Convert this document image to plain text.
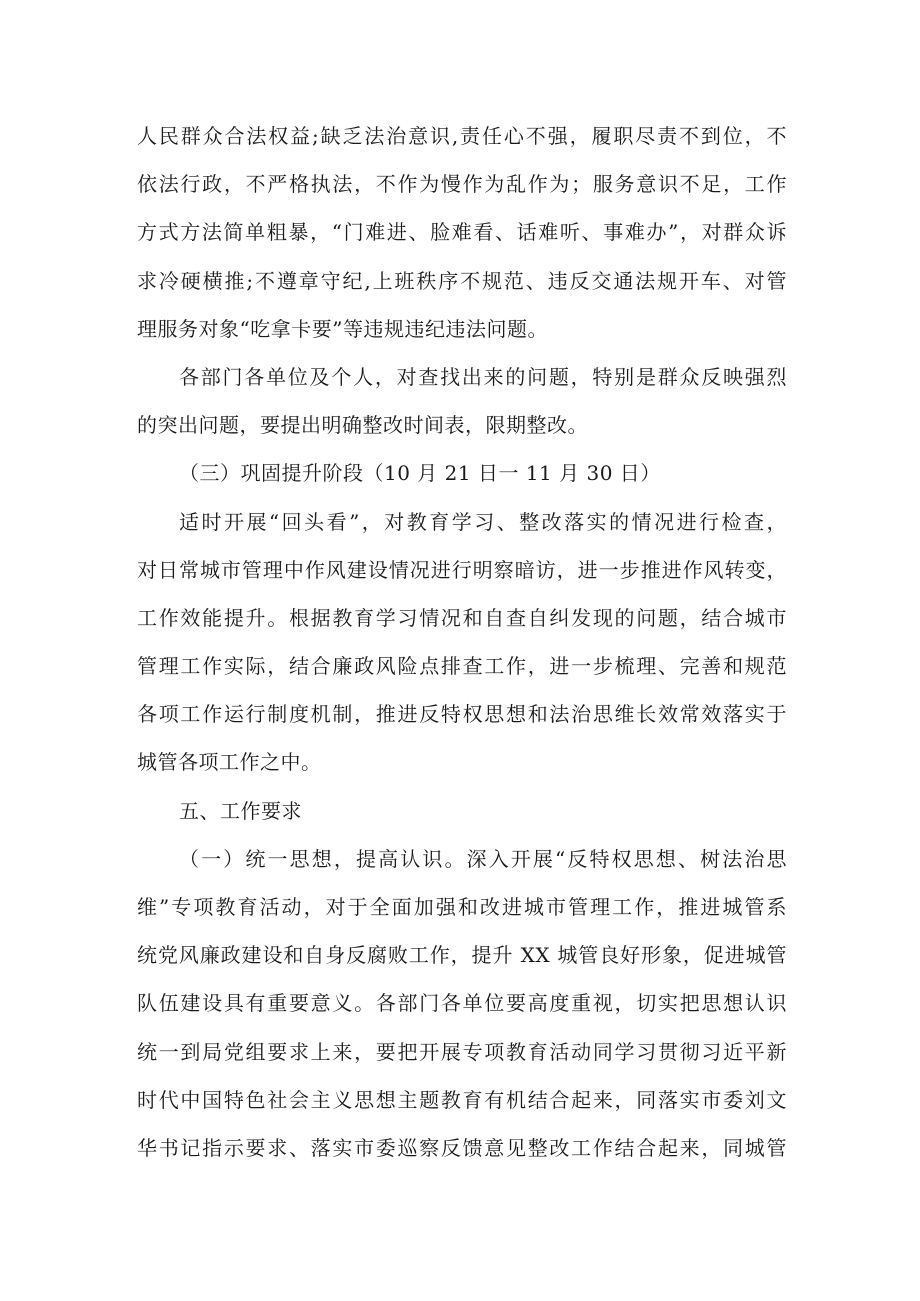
人民群众合法权益;缺乏法治意识,责任心不强，履职尽责不到位，不
依法行政，不严格执法，不作为慢作为乱作为；服务意识不足，工作
方式方法简单粗暴，“门难进、脸难看、话难听、事难办”，对群众诉
求冷硬横推;不遵章守纪,上班秩序不规范、违反交通法规开车、对管
理服务对象“吃拿卡要”等违规违纪违法问题。
各部门各单位及个人，对查找出来的问题，特别是群众反映强烈
的突出问题，要提出明确整改时间表，限期整改。
（三）巩固提升阶段（10 月 21 日一 11 月 30 日）
适时开展“回头看”，对教育学习、整改落实的情况进行检查，
对日常城市管理中作风建设情况进行明察暗访，进一步推进作风转变，
工作效能提升。根据教育学习情况和自查自纠发现的问题，结合城市
管理工作实际，结合廉政风险点排查工作，进一步梳理、完善和规范
各项工作运行制度机制，推进反特权思想和法治思维长效常效落实于
城管各项工作之中。
五、工作要求
（一）统一思想，提高认识。深入开展“反特权思想、树法治思
维”专项教育活动，对于全面加强和改进城市管理工作，推进城管系
统党风廉政建设和自身反腐败工作，提升 XX 城管良好形象，促进城管
队伍建设具有重要意义。各部门各单位要高度重视，切实把思想认识
统一到局党组要求上来，要把开展专项教育活动同学习贯彻习近平新
时代中国特色社会主义思想主题教育有机结合起来，同落实市委刘文
华书记指示要求、落实市委巡察反馈意见整改工作结合起来，同城管
